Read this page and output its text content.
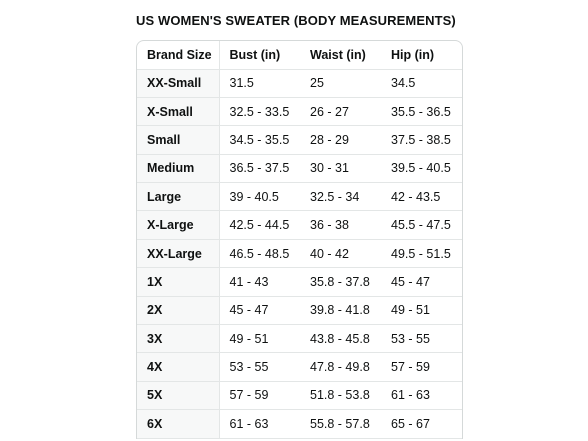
US WOMEN'S SWEATER (BODY MEASUREMENTS)
Brand Size	Bust (in)	Waist (in)	Hip (in)
XX-Small	31.5	25	34.5
X-Small	32.5 - 33.5	26 - 27	35.5 - 36.5
Small	34.5 - 35.5	28 - 29	37.5 - 38.5
Medium	36.5 - 37.5	30 - 31	39.5 - 40.5
Large	39 - 40.5	32.5 - 34	42 - 43.5
X-Large	42.5 - 44.5	36 - 38	45.5 - 47.5
XX-Large	46.5 - 48.5	40 - 42	49.5 - 51.5
1X	41 - 43	35.8 - 37.8	45 - 47
2X	45 - 47	39.8 - 41.8	49 - 51
3X	49 - 51	43.8 - 45.8	53 - 55
4X	53 - 55	47.8 - 49.8	57 - 59
5X	57 - 59	51.8 - 53.8	61 - 63
6X	61 - 63	55.8 - 57.8	65 - 67
